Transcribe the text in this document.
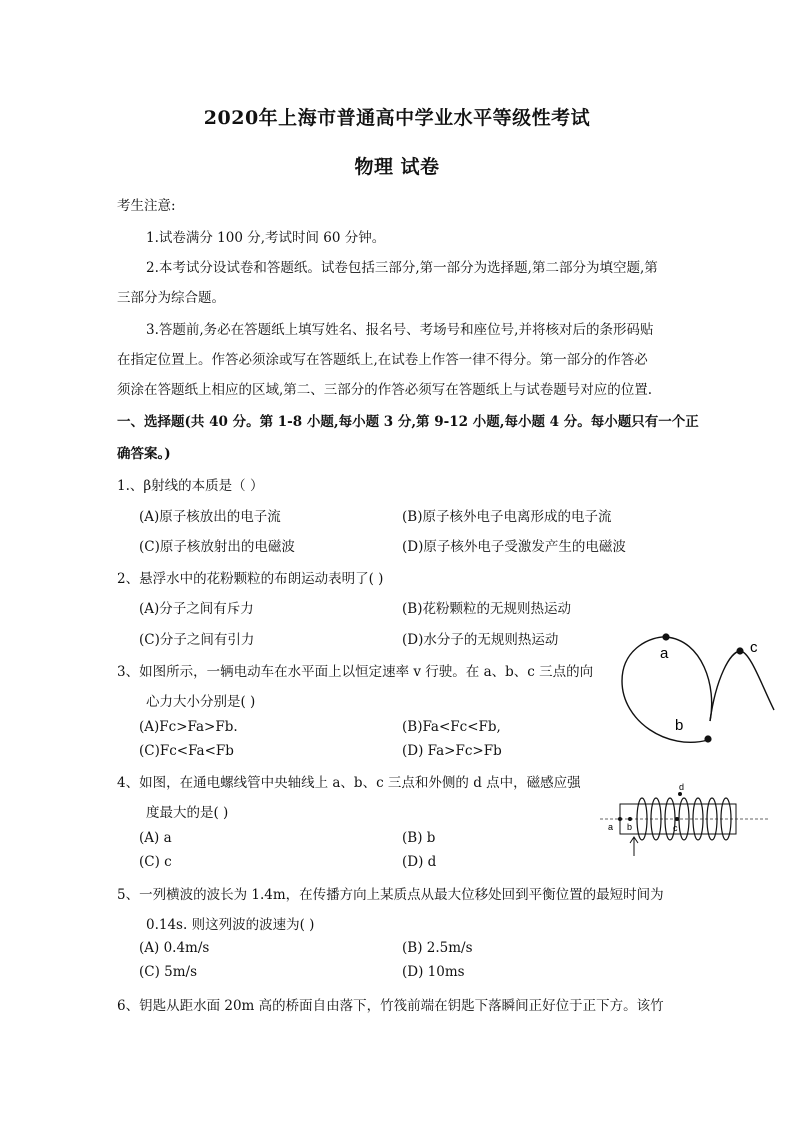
2020年上海市普通高中学业水平等级性考试
物理 试卷
考生注意:
1.试卷满分 100 分,考试时间 60 分钟。
2.本考试分设试卷和答题纸。试卷包括三部分,第一部分为选择题,第二部分为填空题,第
三部分为综合题。
3.答题前,务必在答题纸上填写姓名、报名号、考场号和座位号,并将核对后的条形码贴
在指定位置上。作答必须涂或写在答题纸上,在试卷上作答一律不得分。第一部分的作答必
须涂在答题纸上相应的区域,第二、三部分的作答必须写在答题纸上与试卷题号对应的位置.
一、选择题(共 40 分。第 1-8 小题,每小题 3 分,第 9-12 小题,每小题 4 分。每小题只有一个正
确答案。)
1.、β射线的本质是（ ）
(A)原子核放出的电子流	(B)原子核外电子电离形成的电子流
(C)原子核放射出的电磁波	(D)原子核外电子受激发产生的电磁波
2、悬浮水中的花粉颗粒的布朗运动表明了( )
(A)分子之间有斥力	(B)花粉颗粒的无规则热运动
(C)分子之间有引力	(D)水分子的无规则热运动
3、如图所示，一辆电动车在水平面上以恒定速率 v 行驶。在 a、b、c 三点的向
心力大小分别是( )
(A)Fc>Fa>Fb.	(B)Fa<Fc<Fb,
(C)Fc<Fa<Fb	(D) Fa>Fc>Fb
a
b
c
4、如图，在通电螺线管中央轴线上 a、b、c 三点和外侧的 d 点中，磁感应强
度最大的是( )
(A) a	(B) b
(C) c	(D) d
a b	c
d
5、一列横波的波长为 1.4m，在传播方向上某质点从最大位移处回到平衡位置的最短时间为
0.14s. 则这列波的波速为( )
(A) 0.4m/s	(B) 2.5m/s
(C) 5m/s	(D) 10ms
6、钥匙从距水面 20m 高的桥面自由落下，竹筏前端在钥匙下落瞬间正好位于正下方。该竹
